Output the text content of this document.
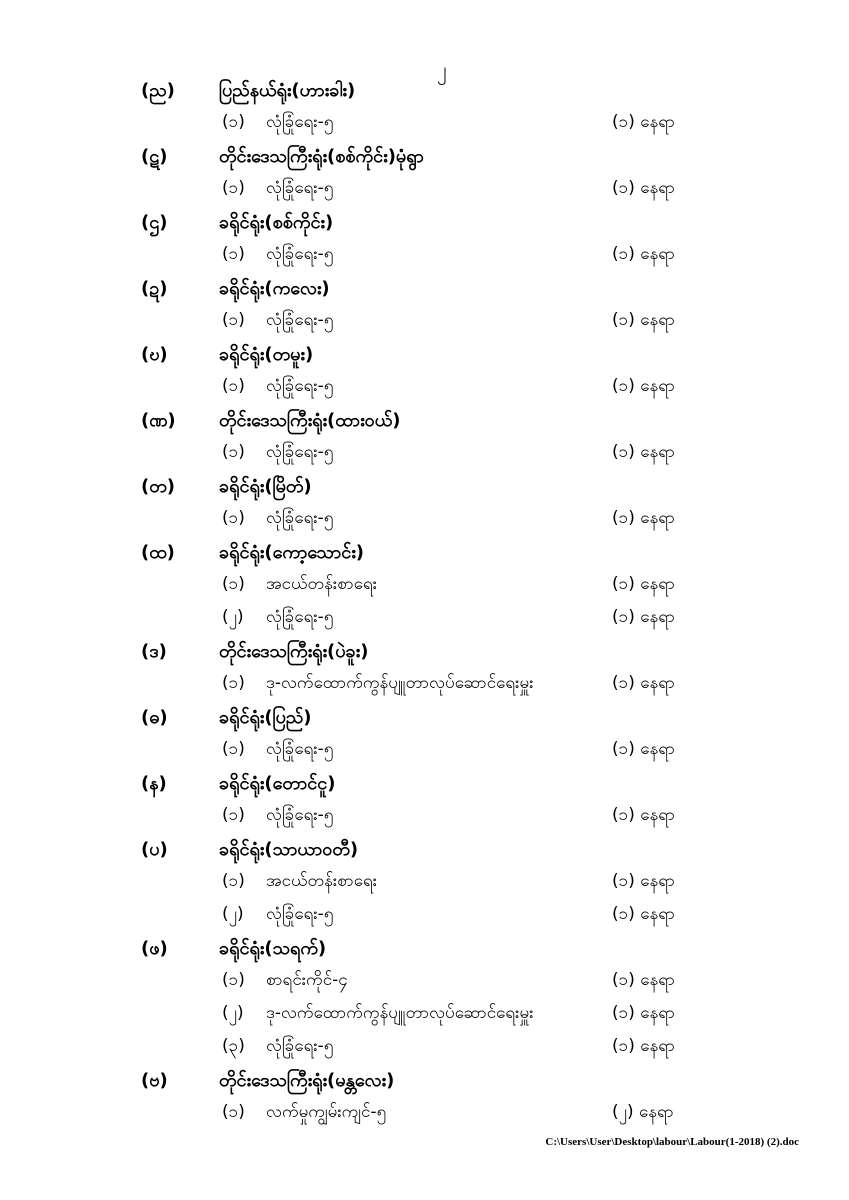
၂
(ည) ပြည်နယ်ရုံး(ဟားခါး)
(၁) လုံခြုံရေး-၅	(၁) နေရာ
(ဋ)	တိုင်းဒေသကြီးရုံး(စစ်ကိုင်း)မုံရွာ
(၁) လုံခြုံရေး-၅	(၁) နေရာ
(ဌ)	ခရိုင်ရုံး(စစ်ကိုင်း)
(၁) လုံခြုံရေး-၅	(၁) နေရာ
(ဍ)	ခရိုင်ရုံး(ကလေး)
(၁) လုံခြုံရေး-၅	(၁) နေရာ
(ဎ)	ခရိုင်ရုံး(တမူး)
(၁) လုံခြုံရေး-၅	(၁) နေရာ
(ဏ) တိုင်းဒေသကြီးရုံး(ထားဝယ်)
(၁) လုံခြုံရေး-၅	(၁) နေရာ
(တ) ခရိုင်ရုံး(မြိတ်)
(၁) လုံခြုံရေး-၅	(၁) နေရာ
(ထ) ခရိုင်ရုံး(ကော့သောင်း)
(၁) အငယ်တန်းစာရေး	(၁) နေရာ
(၂) လုံခြုံရေး-၅	(၁) နေရာ
(ဒ)	တိုင်းဒေသကြီးရုံး(ပဲခူး)
(၁) ဒု-လက်ထောက်ကွန်ပျူတာလုပ်ဆောင်ရေးမှူး	(၁) နေရာ
(ဓ)	ခရိုင်ရုံး(ပြည်)
(၁) လုံခြုံရေး-၅	(၁) နေရာ
(န)	ခရိုင်ရုံး(တောင်ငူ)
(၁) လုံခြုံရေး-၅	(၁) နေရာ
(ပ)	ခရိုင်ရုံး(သာယာဝတီ)
(၁) အငယ်တန်းစာရေး	(၁) နေရာ
(၂) လုံခြုံရေး-၅	(၁) နေရာ
(ဖ)	ခရိုင်ရုံး(သရက်)
(၁) စာရင်းကိုင်-၄	(၁) နေရာ
(၂) ဒု-လက်ထောက်ကွန်ပျူတာလုပ်ဆောင်ရေးမှူး	(၁) နေရာ
(၃) လုံခြုံရေး-၅	(၁) နေရာ
(ဗ)	တိုင်းဒေသကြီးရုံး(မန္တလေး)
(၁) လက်မှုကျွမ်းကျင်-၅	(၂) နေရာ
C:\Users\User\Desktop\labour\Labour(1-2018) (2).doc
